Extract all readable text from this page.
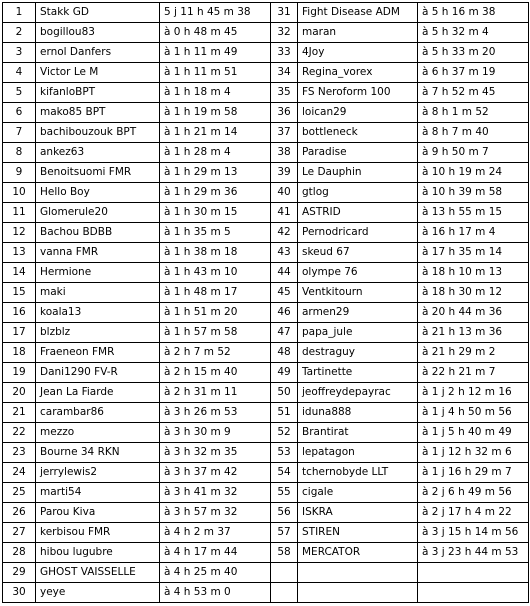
1	Stakk GD	5 j 11 h 45 m 38	31	Fight Disease ADM	à 5 h 16 m 38
2	bogillou83	à 0 h 48 m 45	32	maran	à 5 h 32 m 4
3	ernol Danfers	à 1 h 11 m 49	33	4Joy	à 5 h 33 m 20
4	Victor Le M	à 1 h 11 m 51	34	Regina_vorex	à 6 h 37 m 19
5	kifanloBPT	à 1 h 18 m 4	35	FS Neroform 100	à 7 h 52 m 45
6	mako85 BPT	à 1 h 19 m 58	36	loican29	à 8 h 1 m 52
7	bachibouzouk BPT	à 1 h 21 m 14	37	bottleneck	à 8 h 7 m 40
8	ankez63	à 1 h 28 m 4	38	Paradise	à 9 h 50 m 7
9	Benoitsuomi FMR	à 1 h 29 m 13	39	Le Dauphin	à 10 h 19 m 24
10	Hello Boy	à 1 h 29 m 36	40	gtlog	à 10 h 39 m 58
11	Glomerule20	à 1 h 30 m 15	41	ASTRID	à 13 h 55 m 15
12	Bachou BDBB	à 1 h 35 m 5	42	Pernodricard	à 16 h 17 m 4
13	vanna FMR	à 1 h 38 m 18	43	skeud 67	à 17 h 35 m 14
14	Hermione	à 1 h 43 m 10	44	olympe 76	à 18 h 10 m 13
15	maki	à 1 h 48 m 17	45	Ventkitourn	à 18 h 30 m 12
16	koala13	à 1 h 51 m 20	46	armen29	à 20 h 44 m 36
17	blzblz	à 1 h 57 m 58	47	papa_jule	à 21 h 13 m 36
18	Fraeneon FMR	à 2 h 7 m 52	48	destraguy	à 21 h 29 m 2
19	Dani1290 FV-R	à 2 h 15 m 40	49	Tartinette	à 22 h 21 m 7
20	Jean La Fiarde	à 2 h 31 m 11	50	jeoffreydepayrac	à 1 j 2 h 12 m 16
21	carambar86	à 3 h 26 m 53	51	iduna888	à 1 j 4 h 50 m 56
22	mezzo	à 3 h 30 m 9	52	Brantirat	à 1 j 5 h 40 m 49
23	Bourne 34 RKN	à 3 h 32 m 35	53	lepatagon	à 1 j 12 h 32 m 6
24	jerrylewis2	à 3 h 37 m 42	54	tchernobyde LLT	à 1 j 16 h 29 m 7
25	marti54	à 3 h 41 m 32	55	cigale	à 2 j 6 h 49 m 56
26	Parou Kiva	à 3 h 57 m 32	56	ISKRA	à 2 j 17 h 4 m 22
27	kerbisou FMR	à 4 h 2 m 37	57	STIREN	à 3 j 15 h 14 m 56
28	hibou lugubre	à 4 h 17 m 44	58	MERCATOR	à 3 j 23 h 44 m 53
29	GHOST VAISSELLE	à 4 h 25 m 40			
30	yeye	à 4 h 53 m 0			
